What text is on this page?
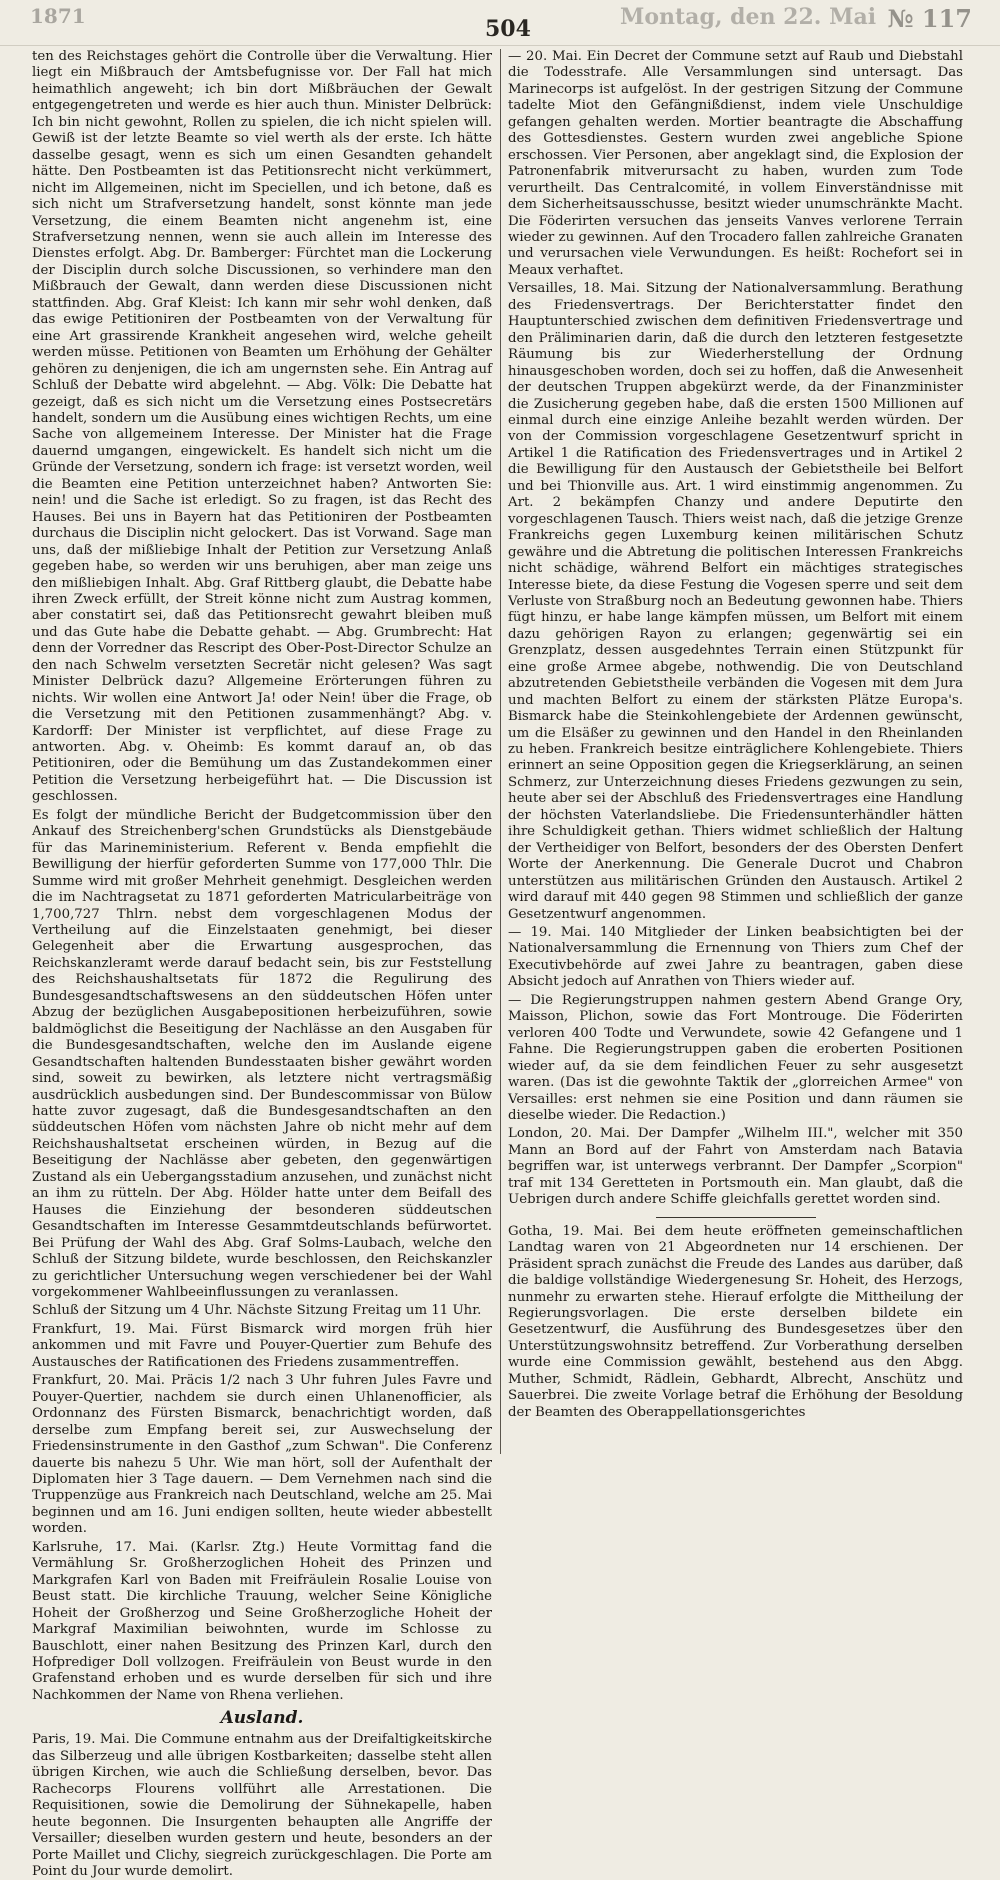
1871	504	Montag, den 22. Mai № 117

ten des Reichstages gehört die Controlle über die Verwaltung. Hier liegt ein Mißbrauch der Amtsbefugnisse vor. Der Fall hat mich heimathlich angeweht; ich bin dort Mißbräuchen der Gewalt entgegengetreten und werde es hier auch thun. Minister Delbrück: Ich bin nicht gewohnt, Rollen zu spielen, die ich nicht spielen will. Gewiß ist der letzte Beamte so viel werth als der erste. Ich hätte dasselbe gesagt, wenn es sich um einen Gesandten gehandelt hätte. Den Postbeamten ist das Petitionsrecht nicht verkümmert, nicht im Allgemeinen, nicht im Speciellen, und ich betone, daß es sich nicht um Strafversetzung handelt, sonst könnte man jede Versetzung, die einem Beamten nicht angenehm ist, eine Strafversetzung nennen, wenn sie auch allein im Interesse des Dienstes erfolgt. Abg. Dr. Bamberger: Fürchtet man die Lockerung der Disciplin durch solche Discussionen, so verhindere man den Mißbrauch der Gewalt, dann werden diese Discussionen nicht stattfinden. Abg. Graf Kleist: Ich kann mir sehr wohl denken, daß das ewige Petitioniren der Postbeamten von der Verwaltung für eine Art grassirende Krankheit angesehen wird, welche geheilt werden müsse. Petitionen von Beamten um Erhöhung der Gehälter gehören zu denjenigen, die ich am ungernsten sehe. Ein Antrag auf Schluß der Debatte wird abgelehnt. — Abg. Völk: Die Debatte hat gezeigt, daß es sich nicht um die Versetzung eines Postsecretärs handelt, sondern um die Ausübung eines wichtigen Rechts, um eine Sache von allgemeinem Interesse. Der Minister hat die Frage dauernd umgangen, eingewickelt. Es handelt sich nicht um die Gründe der Versetzung, sondern ich frage: ist versetzt worden, weil die Beamten eine Petition unterzeichnet haben? Antworten Sie: nein! und die Sache ist erledigt. So zu fragen, ist das Recht des Hauses. Bei uns in Bayern hat das Petitioniren der Postbeamten durchaus die Disciplin nicht gelockert. Das ist Vorwand. Sage man uns, daß der mißliebige Inhalt der Petition zur Versetzung Anlaß gegeben habe, so werden wir uns beruhigen, aber man zeige uns den mißliebigen Inhalt. Abg. Graf Rittberg glaubt, die Debatte habe ihren Zweck erfüllt, der Streit könne nicht zum Austrag kommen, aber constatirt sei, daß das Petitionsrecht gewahrt bleiben muß und das Gute habe die Debatte gehabt. — Abg. Grumbrecht: Hat denn der Vorredner das Rescript des Ober-Post-Director Schulze an den nach Schwelm versetzten Secretär nicht gelesen? Was sagt Minister Delbrück dazu? Allgemeine Erörterungen führen zu nichts. Wir wollen eine Antwort Ja! oder Nein! über die Frage, ob die Versetzung mit den Petitionen zusammenhängt? Abg. v. Kardorff: Der Minister ist verpflichtet, auf diese Frage zu antworten. Abg. v. Oheimb: Es kommt darauf an, ob das Petitioniren, oder die Bemühung um das Zustandekommen einer Petition die Versetzung herbeigeführt hat. — Die Discussion ist geschlossen.

Es folgt der mündliche Bericht der Budgetcommission über den Ankauf des Streichenberg'schen Grundstücks als Dienstgebäude für das Marineministerium. Referent v. Benda empfiehlt die Bewilligung der hierfür geforderten Summe von 177,000 Thlr. Die Summe wird mit großer Mehrheit genehmigt. Desgleichen werden die im Nachtragsetat zu 1871 geforderten Matricularbeiträge von 1,700,727 Thlrn. nebst dem vorgeschlagenen Modus der Vertheilung auf die Einzelstaaten genehmigt, bei dieser Gelegenheit aber die Erwartung ausgesprochen, das Reichskanzleramt werde darauf bedacht sein, bis zur Feststellung des Reichshaushaltsetats für 1872 die Regulirung des Bundesgesandtschaftswesens an den süddeutschen Höfen unter Abzug der bezüglichen Ausgabepositionen herbeizuführen, sowie baldmöglichst die Beseitigung der Nachlässe an den Ausgaben für die Bundesgesandtschaften, welche den im Auslande eigene Gesandtschaften haltenden Bundesstaaten bisher gewährt worden sind, soweit zu bewirken, als letztere nicht vertragsmäßig ausdrücklich ausbedungen sind. Der Bundescommissar von Bülow hatte zuvor zugesagt, daß die Bundesgesandtschaften an den süddeutschen Höfen vom nächsten Jahre ob nicht mehr auf dem Reichshaushaltsetat erscheinen würden, in Bezug auf die Beseitigung der Nachlässe aber gebeten, den gegenwärtigen Zustand als ein Uebergangsstadium anzusehen, und zunächst nicht an ihm zu rütteln. Der Abg. Hölder hatte unter dem Beifall des Hauses die Einziehung der besonderen süddeutschen Gesandtschaften im Interesse Gesammtdeutschlands befürwortet. Bei Prüfung der Wahl des Abg. Graf Solms-Laubach, welche den Schluß der Sitzung bildete, wurde beschlossen, den Reichskanzler zu gerichtlicher Untersuchung wegen verschiedener bei der Wahl vorgekommener Wahlbeeinflussungen zu veranlassen.

Schluß der Sitzung um 4 Uhr. Nächste Sitzung Freitag um 11 Uhr.

Frankfurt, 19. Mai. Fürst Bismarck wird morgen früh hier ankommen und mit Favre und Pouyer-Quertier zum Behufe des Austausches der Ratificationen des Friedens zusammentreffen.

Frankfurt, 20. Mai. Präcis 1/2 nach 3 Uhr fuhren Jules Favre und Pouyer-Quertier, nachdem sie durch einen Uhlanenofficier, als Ordonnanz des Fürsten Bismarck, benachrichtigt worden, daß derselbe zum Empfang bereit sei, zur Auswechselung der Friedensinstrumente in den Gasthof „zum Schwan". Die Conferenz dauerte bis nahezu 5 Uhr. Wie man hört, soll der Aufenthalt der Diplomaten hier 3 Tage dauern. — Dem Vernehmen nach sind die Truppenzüge aus Frankreich nach Deutschland, welche am 25. Mai beginnen und am 16. Juni endigen sollten, heute wieder abbestellt worden.

Karlsruhe, 17. Mai. (Karlsr. Ztg.) Heute Vormittag fand die Vermählung Sr. Großherzoglichen Hoheit des Prinzen und Markgrafen Karl von Baden mit Freifräulein Rosalie Louise von Beust statt. Die kirchliche Trauung, welcher Seine Königliche Hoheit der Großherzog und Seine Großherzogliche Hoheit der Markgraf Maximilian beiwohnten, wurde im Schlosse zu Bauschlott, einer nahen Besitzung des Prinzen Karl, durch den Hofprediger Doll vollzogen. Freifräulein von Beust wurde in den Grafenstand erhoben und es wurde derselben für sich und ihre Nachkommen der Name von Rhena verliehen.

Ausland.

Paris, 19. Mai. Die Commune entnahm aus der Dreifaltigkeitskirche das Silberzeug und alle übrigen Kostbarkeiten; dasselbe steht allen übrigen Kirchen, wie auch die Schließung derselben, bevor. Das Rachecorps Flourens vollführt alle Arrestationen. Die Requisitionen, sowie die Demolirung der Sühnekapelle, haben heute begonnen. Die Insurgenten behaupten alle Angriffe der Versailler; dieselben wurden gestern und heute, besonders an der Porte Maillet und Clichy, siegreich zurückgeschlagen. Die Porte am Point du Jour wurde demolirt.

— 20. Mai. Ein Decret der Commune setzt auf Raub und Diebstahl die Todesstrafe. Alle Versammlungen sind untersagt. Das Marinecorps ist aufgelöst. In der gestrigen Sitzung der Commune tadelte Miot den Gefängnißdienst, indem viele Unschuldige gefangen gehalten werden. Mortier beantragte die Abschaffung des Gottesdienstes. Gestern wurden zwei angebliche Spione erschossen. Vier Personen, aber angeklagt sind, die Explosion der Patronenfabrik mitverursacht zu haben, wurden zum Tode verurtheilt. Das Centralcomité, in vollem Einverständnisse mit dem Sicherheitsausschusse, besitzt wieder unumschränkte Macht. Die Föderirten versuchen das jenseits Vanves verlorene Terrain wieder zu gewinnen. Auf den Trocadero fallen zahlreiche Granaten und verursachen viele Verwundungen. Es heißt: Rochefort sei in Meaux verhaftet.

Versailles, 18. Mai. Sitzung der Nationalversammlung. Berathung des Friedensvertrags. Der Berichterstatter findet den Hauptunterschied zwischen dem definitiven Friedensvertrage und den Präliminarien darin, daß die durch den letzteren festgesetzte Räumung bis zur Wiederherstellung der Ordnung hinausgeschoben worden, doch sei zu hoffen, daß die Anwesenheit der deutschen Truppen abgekürzt werde, da der Finanzminister die Zusicherung gegeben habe, daß die ersten 1500 Millionen auf einmal durch eine einzige Anleihe bezahlt werden würden. Der von der Commission vorgeschlagene Gesetzentwurf spricht in Artikel 1 die Ratification des Friedensvertrages und in Artikel 2 die Bewilligung für den Austausch der Gebietstheile bei Belfort und bei Thionville aus. Art. 1 wird einstimmig angenommen. Zu Art. 2 bekämpfen Chanzy und andere Deputirte den vorgeschlagenen Tausch. Thiers weist nach, daß die jetzige Grenze Frankreichs gegen Luxemburg keinen militärischen Schutz gewähre und die Abtretung die politischen Interessen Frankreichs nicht schädige, während Belfort ein mächtiges strategisches Interesse biete, da diese Festung die Vogesen sperre und seit dem Verluste von Straßburg noch an Bedeutung gewonnen habe. Thiers fügt hinzu, er habe lange kämpfen müssen, um Belfort mit einem dazu gehörigen Rayon zu erlangen; gegenwärtig sei ein Grenzplatz, dessen ausgedehntes Terrain einen Stützpunkt für eine große Armee abgebe, nothwendig. Die von Deutschland abzutretenden Gebietstheile verbänden die Vogesen mit dem Jura und machten Belfort zu einem der stärksten Plätze Europa's. Bismarck habe die Steinkohlengebiete der Ardennen gewünscht, um die Elsäßer zu gewinnen und den Handel in den Rheinlanden zu heben. Frankreich besitze einträglichere Kohlengebiete. Thiers erinnert an seine Opposition gegen die Kriegserklärung, an seinen Schmerz, zur Unterzeichnung dieses Friedens gezwungen zu sein, heute aber sei der Abschluß des Friedensvertrages eine Handlung der höchsten Vaterlandsliebe. Die Friedensunterhändler hätten ihre Schuldigkeit gethan. Thiers widmet schließlich der Haltung der Vertheidiger von Belfort, besonders der des Obersten Denfert Worte der Anerkennung. Die Generale Ducrot und Chabron unterstützen aus militärischen Gründen den Austausch. Artikel 2 wird darauf mit 440 gegen 98 Stimmen und schließlich der ganze Gesetzentwurf angenommen.

— 19. Mai. 140 Mitglieder der Linken beabsichtigten bei der Nationalversammlung die Ernennung von Thiers zum Chef der Executivbehörde auf zwei Jahre zu beantragen, gaben diese Absicht jedoch auf Anrathen von Thiers wieder auf.

— Die Regierungstruppen nahmen gestern Abend Grange Ory, Maisson, Plichon, sowie das Fort Montrouge. Die Föderirten verloren 400 Todte und Verwundete, sowie 42 Gefangene und 1 Fahne. Die Regierungstruppen gaben die eroberten Positionen wieder auf, da sie dem feindlichen Feuer zu sehr ausgesetzt waren. (Das ist die gewohnte Taktik der „glorreichen Armee" von Versailles: erst nehmen sie eine Position und dann räumen sie dieselbe wieder. Die Redaction.)

London, 20. Mai. Der Dampfer „Wilhelm III.", welcher mit 350 Mann an Bord auf der Fahrt von Amsterdam nach Batavia begriffen war, ist unterwegs verbrannt. Der Dampfer „Scorpion" traf mit 134 Geretteten in Portsmouth ein. Man glaubt, daß die Uebrigen durch andere Schiffe gleichfalls gerettet worden sind.

Gotha, 19. Mai. Bei dem heute eröffneten gemeinschaftlichen Landtag waren von 21 Abgeordneten nur 14 erschienen. Der Präsident sprach zunächst die Freude des Landes aus darüber, daß die baldige vollständige Wiedergenesung Sr. Hoheit, des Herzogs, nunmehr zu erwarten stehe. Hierauf erfolgte die Mittheilung der Regierungsvorlagen. Die erste derselben bildete ein Gesetzentwurf, die Ausführung des Bundesgesetzes über den Unterstützungswohnsitz betreffend. Zur Vorberathung derselben wurde eine Commission gewählt, bestehend aus den Abgg. Muther, Schmidt, Rädlein, Gebhardt, Albrecht, Anschütz und Sauerbrei. Die zweite Vorlage betraf die Erhöhung der Besoldung der Beamten des Oberappellationsgerichtes
